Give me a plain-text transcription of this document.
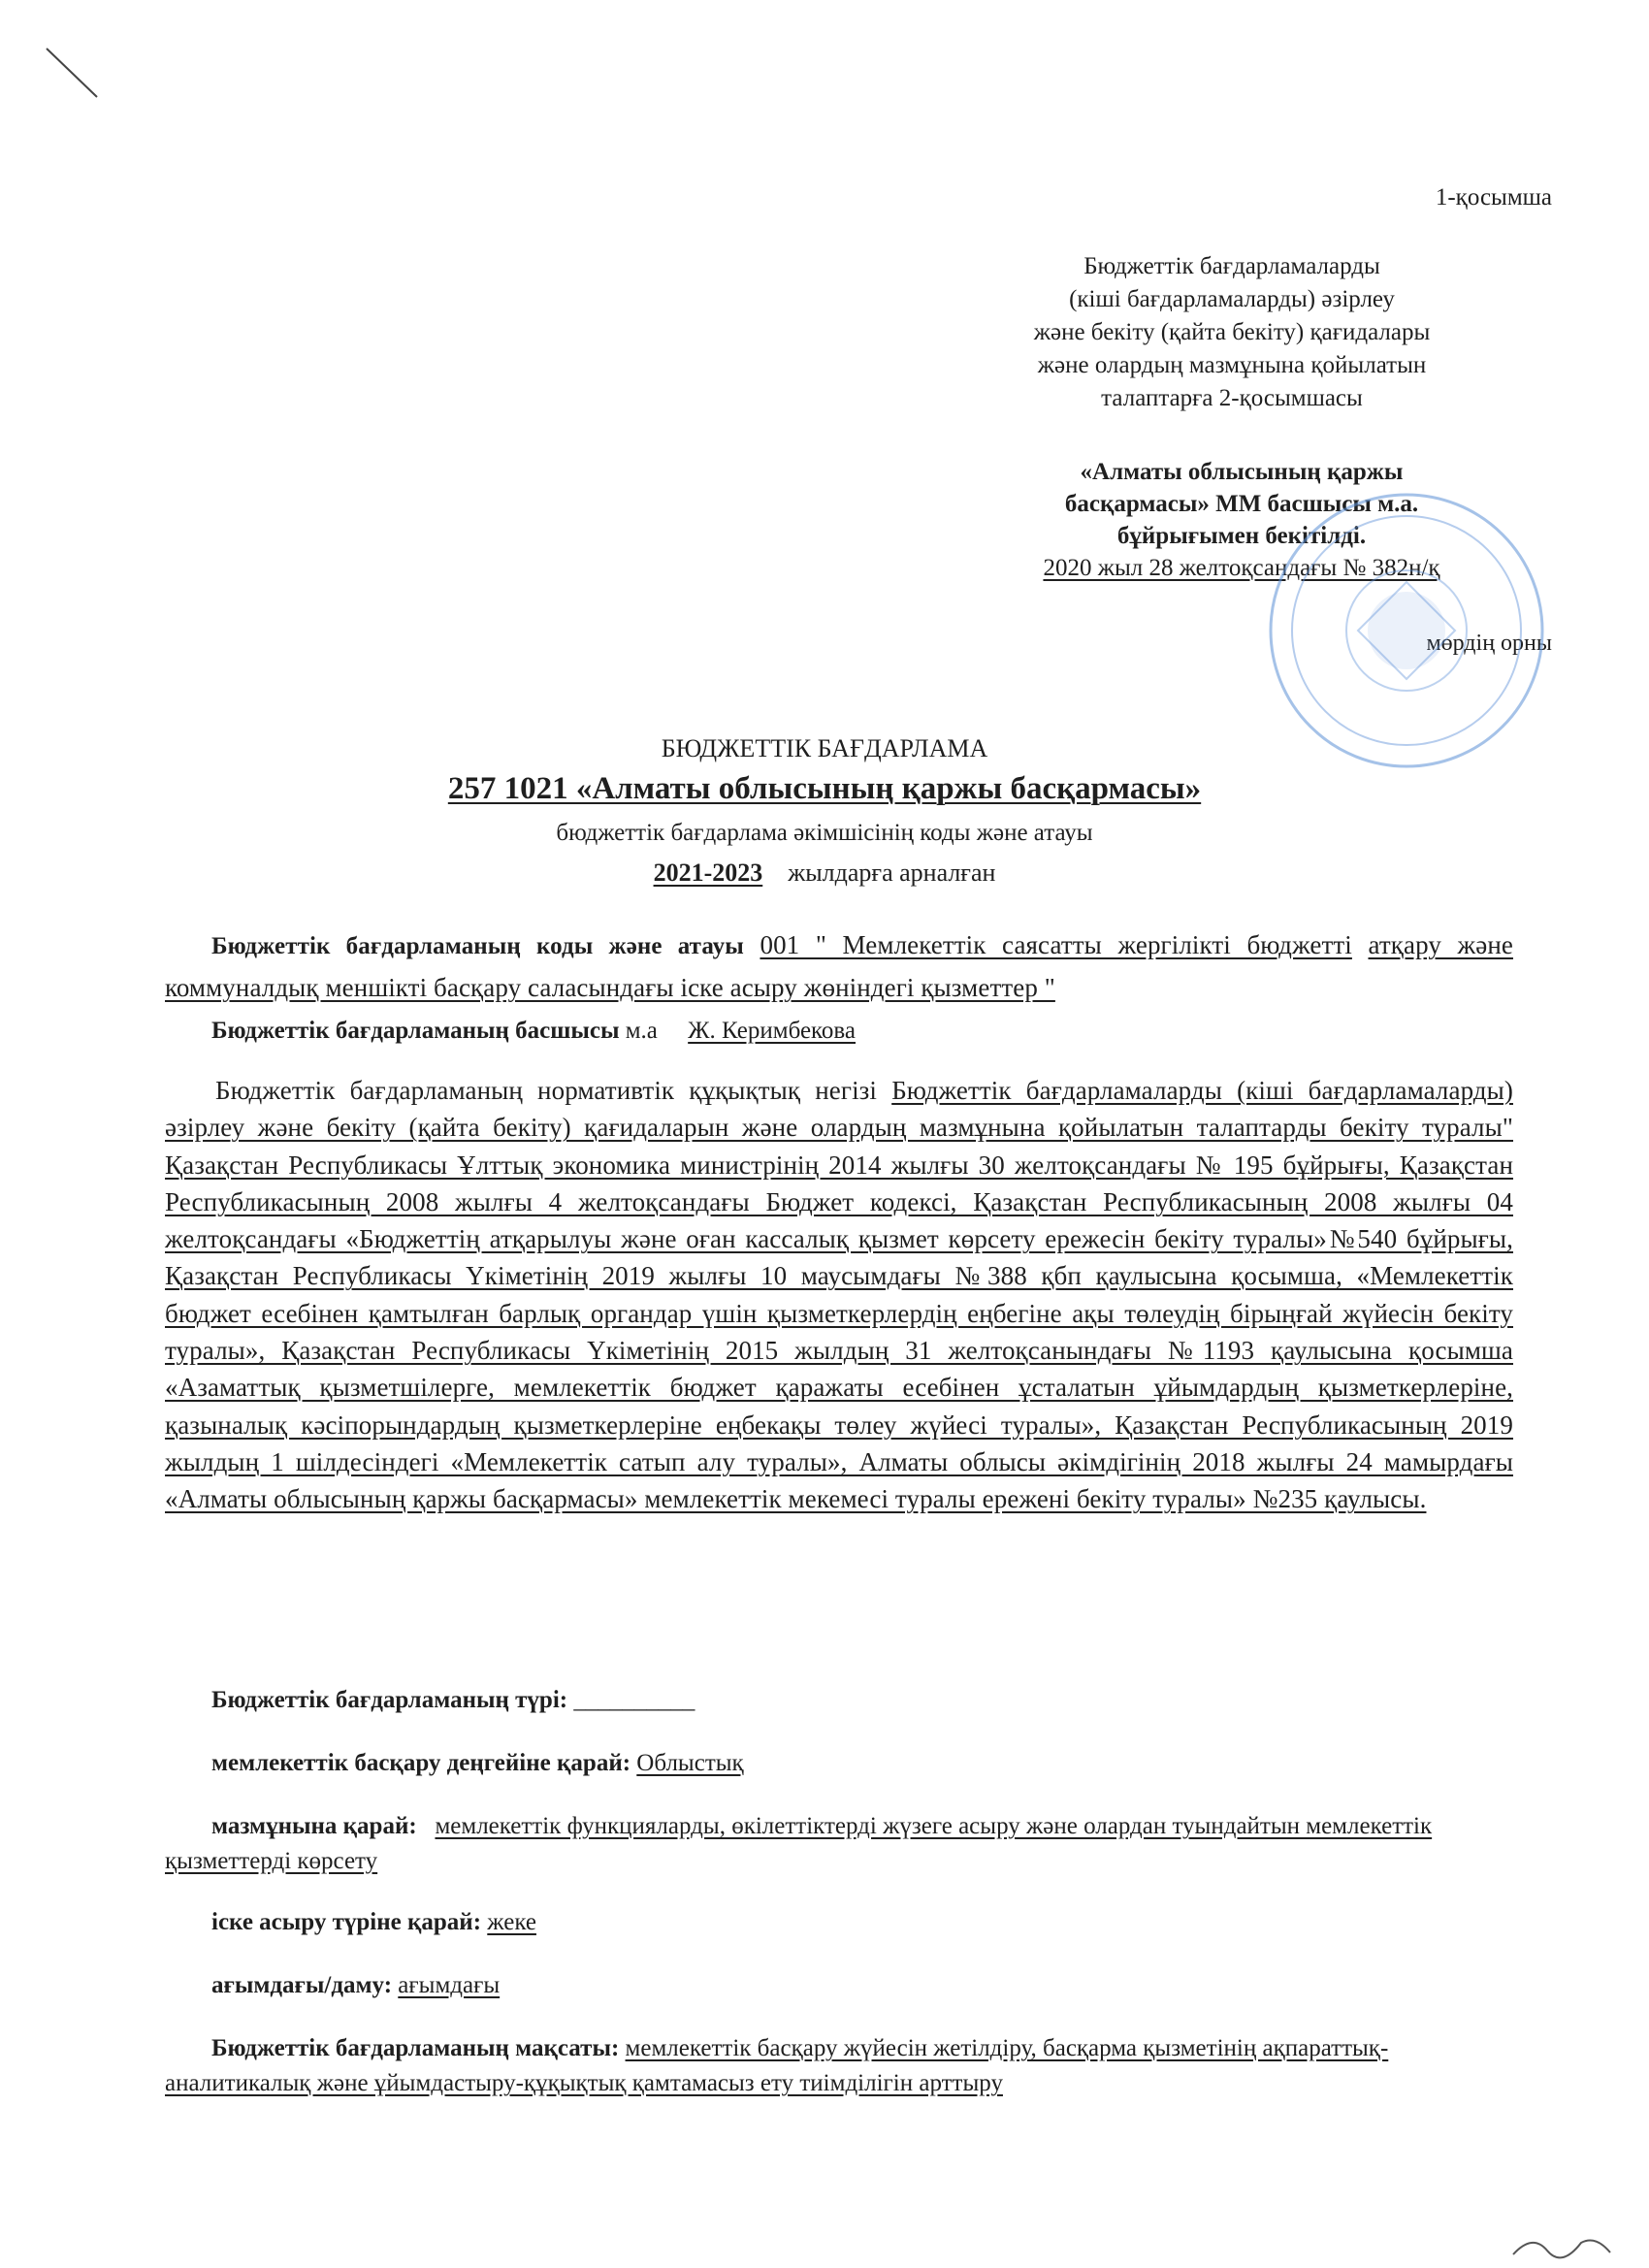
1-қосымша
Бюджеттік бағдарламаларды
(кіші бағдарламаларды) әзірлеу
және бекіту (қайта бекіту) қағидалары
және олардың мазмұнына қойылатын
талаптарға 2-қосымшасы
«Алматы облысының қаржы
басқармасы» ММ басшысы м.а.
бұйрығымен бекітілді.
2020 жыл 28 желтоқсандағы № 382н/қ
мөрдің орны
БЮДЖЕТТІК БАҒДАРЛАМА
257 1021 «Алматы облысының қаржы басқармасы»
бюджеттік бағдарлама әкімшісінің коды және атауы
2021-2023 жылдарға арналған
Бюджеттік бағдарламаның коды және атауы 001 " Мемлекеттік саясатты жергілікті бюджетті атқару және коммуналдық меншікті басқару саласындағы іске асыру жөніндегі қызметтер "
Бюджеттік бағдарламаның басшысы м.а Ж. Керимбекова
Бюджеттік бағдарламаның нормативтік құқықтық негізі Бюджеттік бағдарламаларды (кіші бағдарламаларды) әзірлеу және бекіту (қайта бекіту) қағидаларын және олардың мазмұнына қойылатын талаптарды бекіту туралы" Қазақстан Республикасы Ұлттық экономика министрінің 2014 жылғы 30 желтоқсандағы № 195 бұйрығы, Қазақстан Республикасының 2008 жылғы 4 желтоқсандағы Бюджет кодексі, Қазақстан Республикасының 2008 жылғы 04 желтоқсандағы «Бюджеттің атқарылуы және оған кассалық қызмет көрсету ережесін бекіту туралы»№540 бұйрығы, Қазақстан Республикасы Үкіметінің 2019 жылғы 10 маусымдағы №388 қбп қаулысына қосымша, «Мемлекеттік бюджет есебінен қамтылған барлық органдар үшін қызметкерлердің еңбегіне ақы төлеудің бірыңғай жүйесін бекіту туралы», Қазақстан Республикасы Үкіметінің 2015 жылдың 31 желтоқсанындағы №1193 қаулысына қосымша «Азаматтық қызметшілерге, мемлекеттік бюджет қаражаты есебінен ұсталатын ұйымдардың қызметкерлеріне, қазыналық кәсіпорындардың қызметкерлеріне еңбекақы төлеу жүйесі туралы», Қазақстан Республикасының 2019 жылдың 1 шілдесіндегі «Мемлекеттік сатып алу туралы», Алматы облысы әкімдігінің 2018 жылғы 24 мамырдағы «Алматы облысының қаржы басқармасы» мемлекеттік мекемесі туралы ережені бекіту туралы» №235 қаулысы.
Бюджеттік бағдарламаның түрі: __________
мемлекеттік басқару деңгейіне қарай: Облыстық
мазмұнына қарай: мемлекеттік функцияларды, өкілеттіктерді жүзеге асыру және олардан туындайтын мемлекеттік қызметтерді көрсету
іске асыру түріне қарай: жеке
ағымдағы/даму: ағымдағы
Бюджеттік бағдарламаның мақсаты: мемлекеттік басқару жүйесін жетілдіру, басқарма қызметінің ақпараттық-аналитикалық және ұйымдастыру-құқықтық қамтамасыз ету тиімділігін арттыру
